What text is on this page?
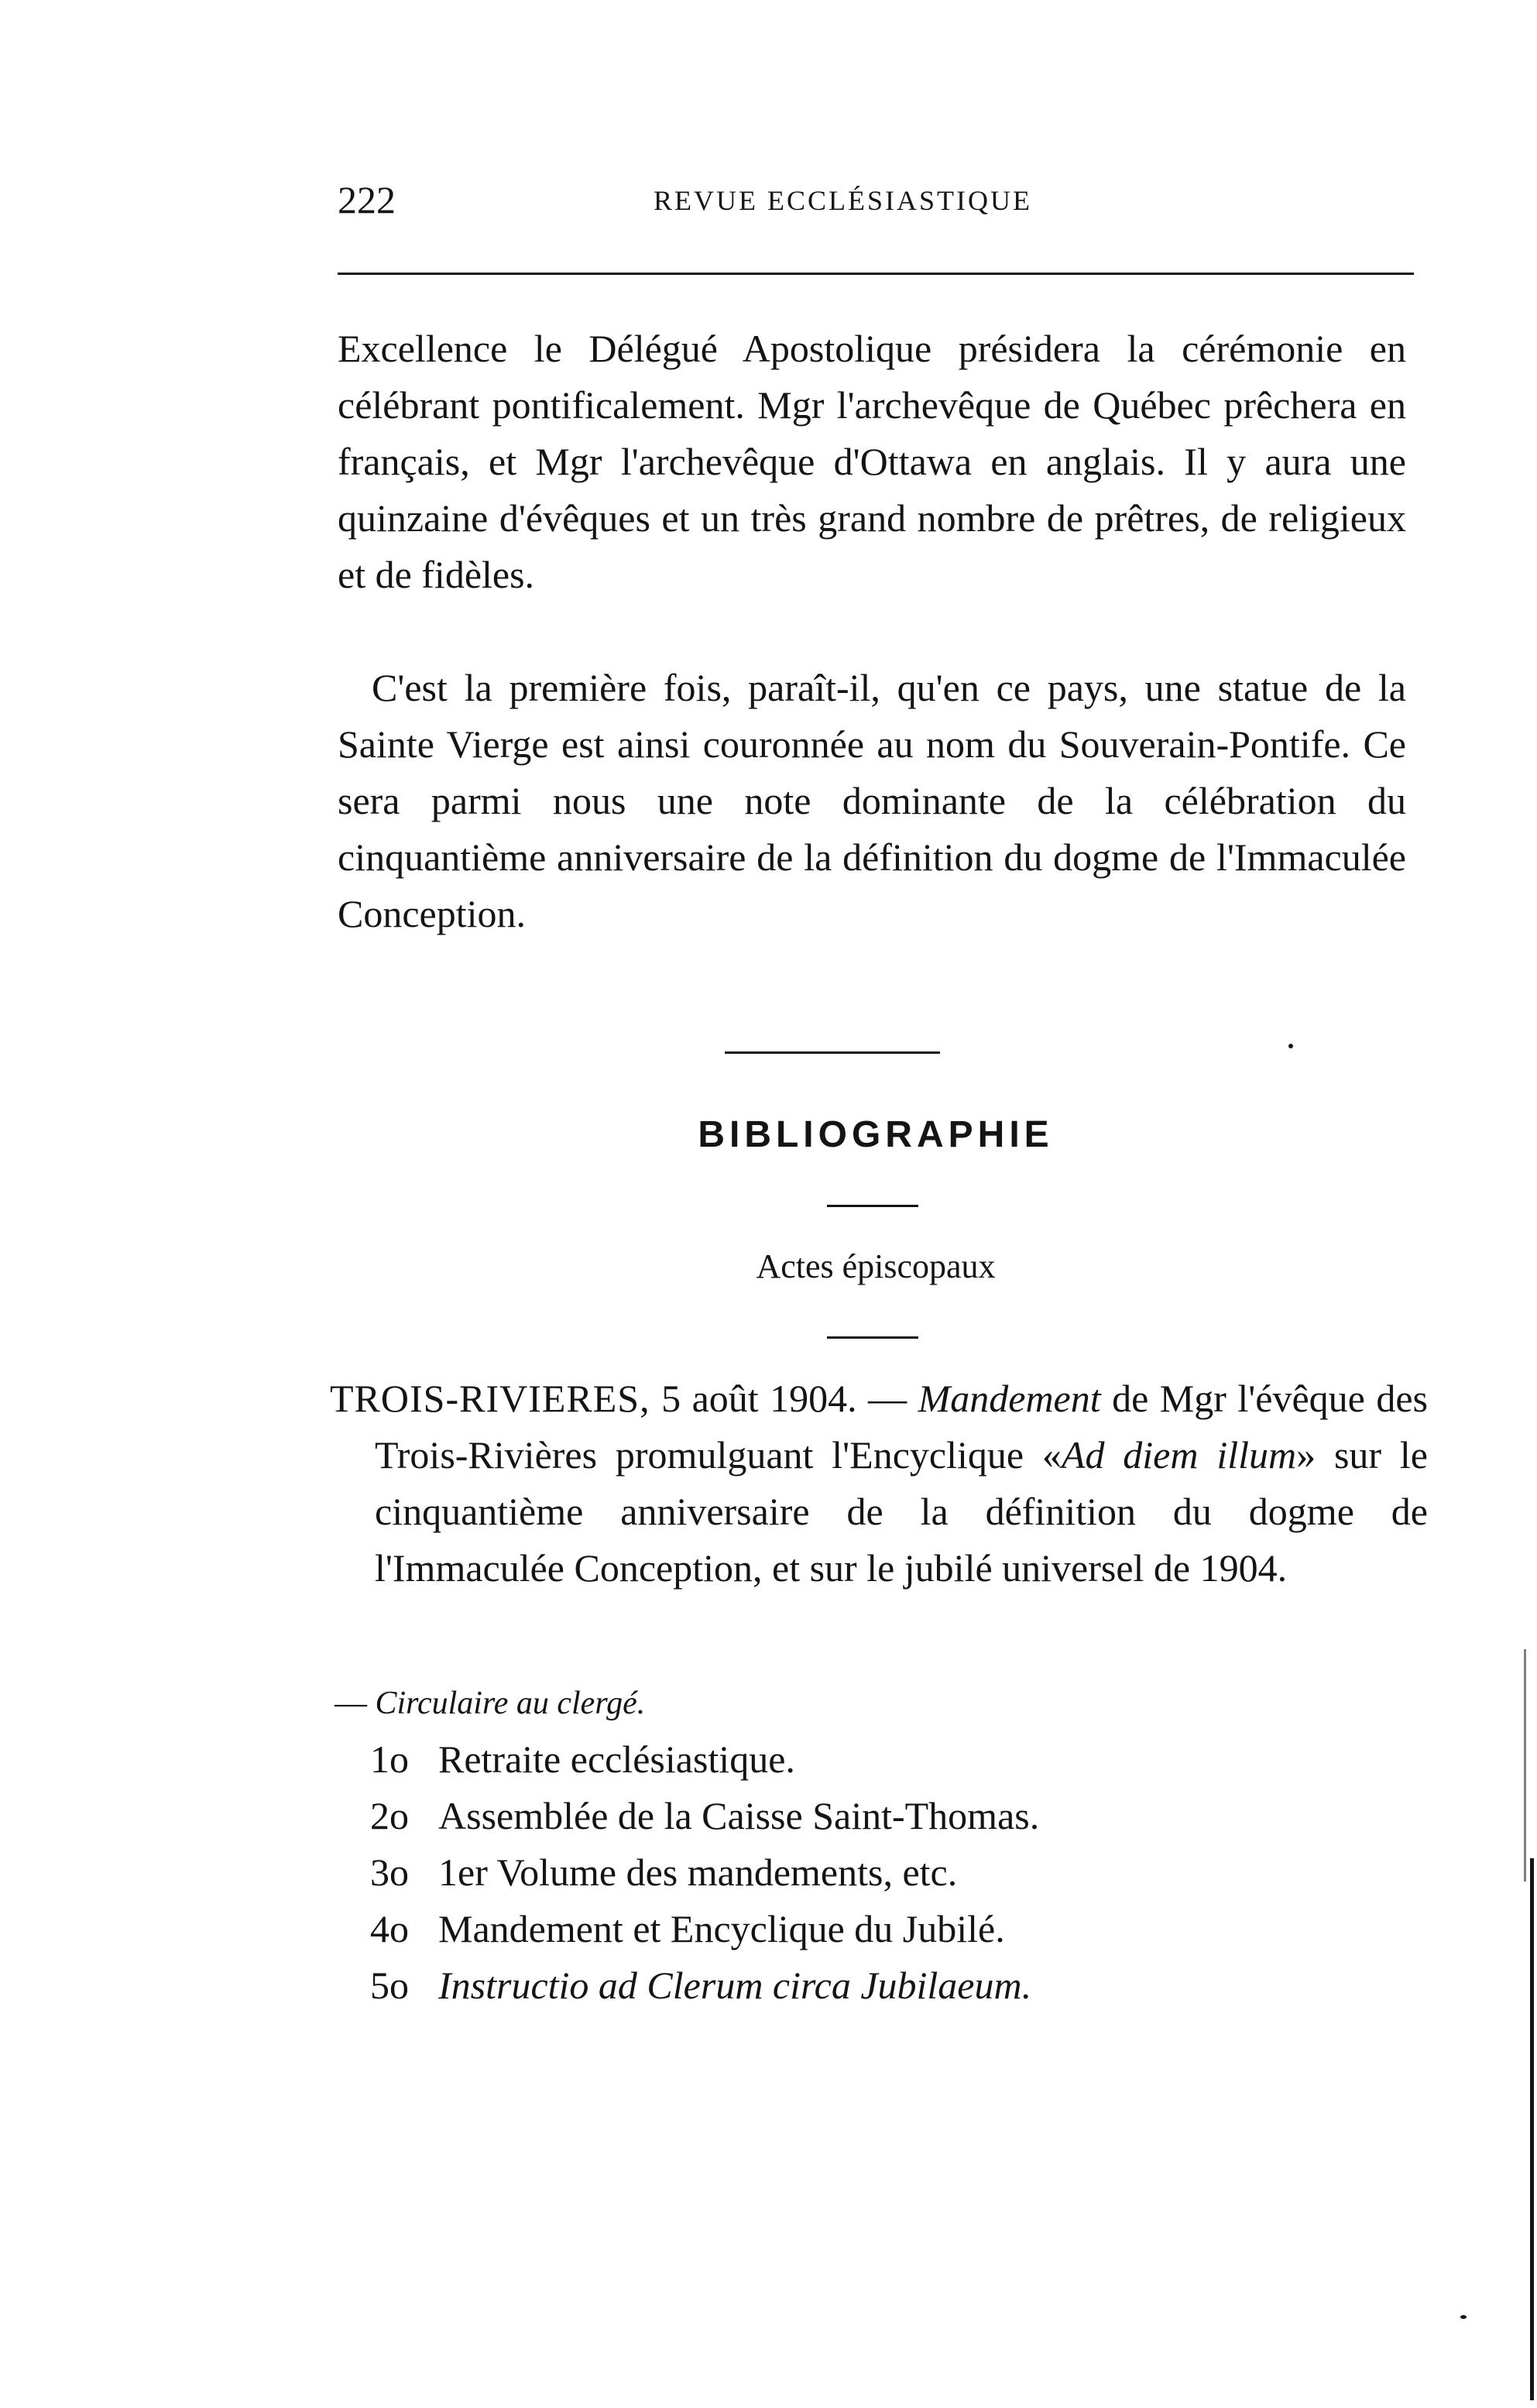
222	REVUE ECCLÉSIASTIQUE

Excellence le Délégué Apostolique présidera la cérémonie en célébrant pontificalement. Mgr l'archevêque de Québec prêchera en français, et Mgr l'archevêque d'Ottawa en anglais. Il y aura une quinzaine d'évêques et un très grand nombre de prêtres, de religieux et de fidèles.

C'est la première fois, paraît-il, qu'en ce pays, une statue de la Sainte Vierge est ainsi couronnée au nom du Souverain-Pontife. Ce sera parmi nous une note dominante de la célébration du cinquantième anniversaire de la définition du dogme de l'Immaculée Conception.

BIBLIOGRAPHIE
Actes épiscopaux

TROIS-RIVIERES, 5 août 1904. — Mandement de Mgr l'évêque des Trois-Rivières promulguant l'Encyclique «Ad diem illum» sur le cinquantième anniversaire de la définition du dogme de l'Immaculée Conception, et sur le jubilé universel de 1904.

— Circulaire au clergé.
1o Retraite ecclésiastique.
2o Assemblée de la Caisse Saint-Thomas.
3o 1er Volume des mandements, etc.
4o Mandement et Encyclique du Jubilé.
5o Instructio ad Clerum circa Jubilaeum.
